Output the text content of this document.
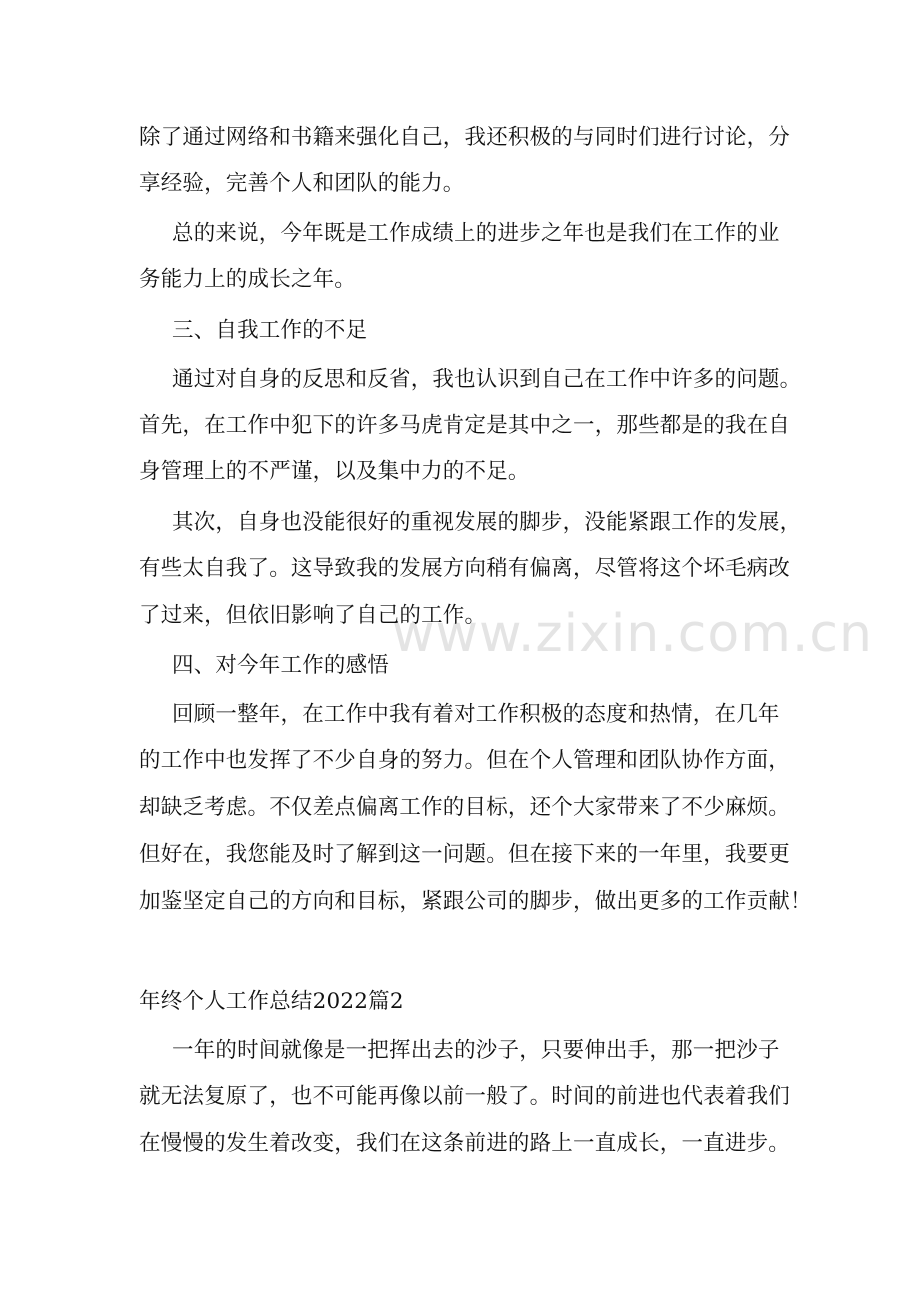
www.zixin.com.cn
除了通过网络和书籍来强化自己，我还积极的与同时们进行讨论，分
享经验，完善个人和团队的能力。
总的来说，今年既是工作成绩上的进步之年也是我们在工作的业
务能力上的成长之年。
三、自我工作的不足
通过对自身的反思和反省，我也认识到自己在工作中许多的问题。
首先，在工作中犯下的许多马虎肯定是其中之一，那些都是的我在自
身管理上的不严谨，以及集中力的不足。
其次，自身也没能很好的重视发展的脚步，没能紧跟工作的发展，
有些太自我了。这导致我的发展方向稍有偏离，尽管将这个坏毛病改
了过来，但依旧影响了自己的工作。
四、对今年工作的感悟
回顾一整年，在工作中我有着对工作积极的态度和热情，在几年
的工作中也发挥了不少自身的努力。但在个人管理和团队协作方面，
却缺乏考虑。不仅差点偏离工作的目标，还个大家带来了不少麻烦。
但好在，我您能及时了解到这一问题。但在接下来的一年里，我要更
加鉴坚定自己的方向和目标，紧跟公司的脚步，做出更多的工作贡献！
年终个人工作总结2022篇2
一年的时间就像是一把挥出去的沙子，只要伸出手，那一把沙子
就无法复原了，也不可能再像以前一般了。时间的前进也代表着我们
在慢慢的发生着改变，我们在这条前进的路上一直成长，一直进步。
